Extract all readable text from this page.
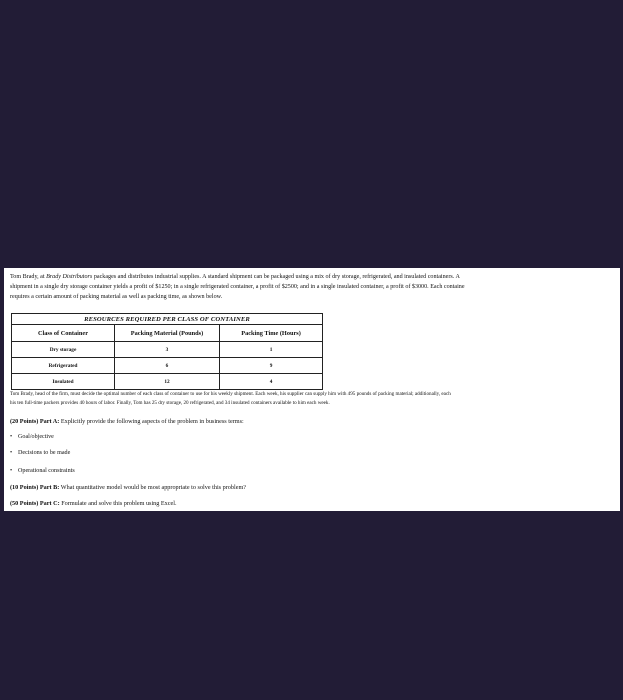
Tom Brady, at Brady Distributors packages and distributes industrial supplies. A standard shipment can be packaged using a mix of dry storage, refrigerated, and insulated containers. A
shipment in a single dry storage container yields a profit of $1250; in a single refrigerated container, a profit of $2500; and in a single insulated container, a profit of $3000. Each containe
requires a certain amount of packing material as well as packing time, as shown below.
RESOURCES REQUIRED PER CLASS OF CONTAINER		
Class of Container	Packing Material (Pounds)	Packing Time (Hours)
Dry storage	3	1
Refrigerated	6	9
Insulated	12	4
Tom Brady, head of the firm, must decide the optimal number of each class of container to use for his weekly shipment. Each week, his supplier can supply him with 495 pounds of packing material; additionally, each
his ten full-time packers provides 40 hours of labor. Finally, Tom has 25 dry storage, 20 refrigerated, and 34 insulated containers available to him each week.
(20 Points) Part A: Explicitly provide the following aspects of the problem in business terms:
• Goal/objective
• Decisions to be made
• Operational constraints
(10 Points) Part B: What quantitative model would be most appropriate to solve this problem?
(50 Points) Part C: Formulate and solve this problem using Excel.
